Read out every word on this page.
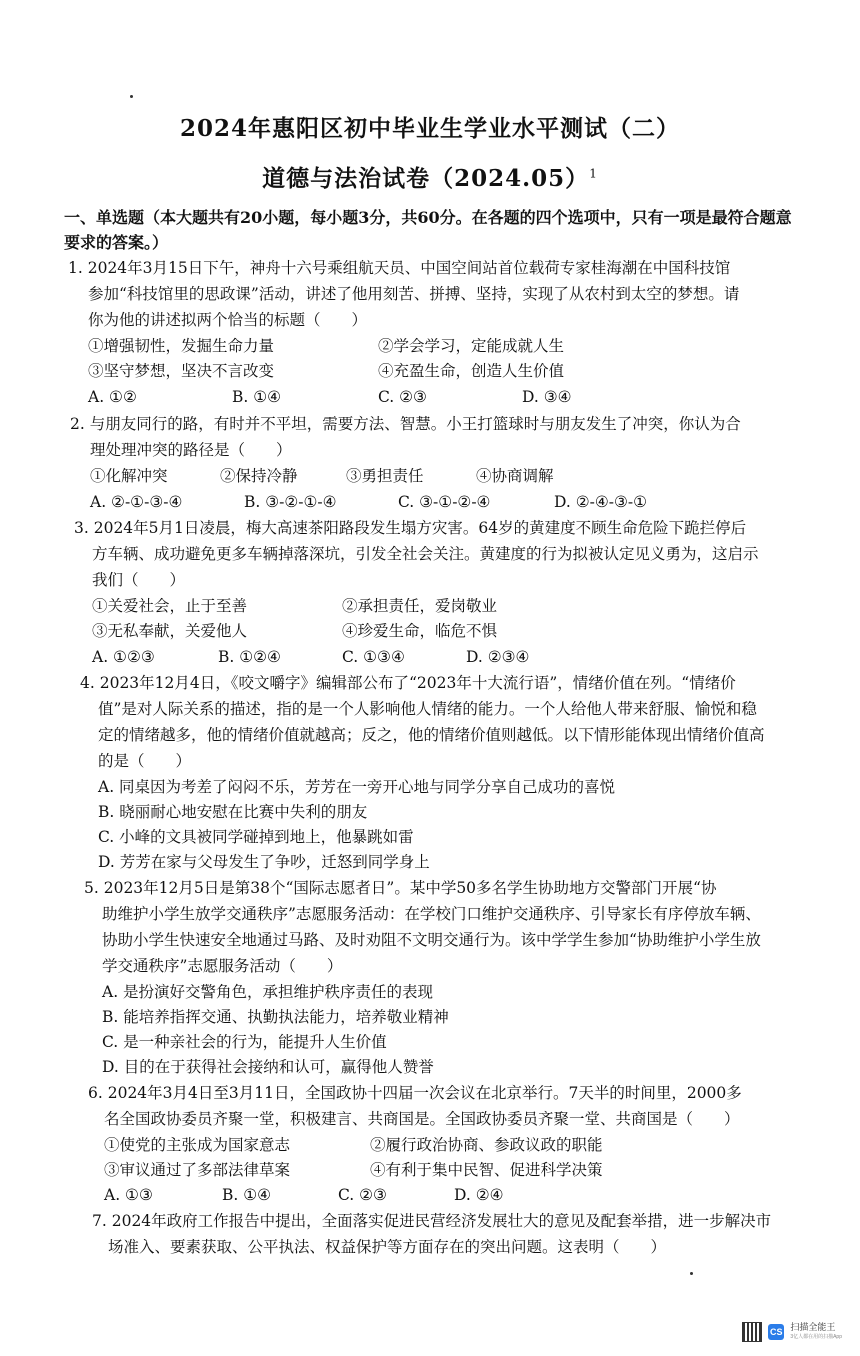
2024年惠阳区初中毕业生学业水平测试（二）
道德与法治试卷$(2024.05)^1$
一、单选题（本大题共有20小题，每小题3分，共60分。在各题的四个选项中，只有一项是最符合题意要求的答案。）
1. 2024年3月15日下午，神舟十六号乘组航天员、中国空间站首位载荷专家桂海潮在中国科技馆
参加“科技馆里的思政课”活动，讲述了他用刻苦、拼搏、坚持，实现了从农村到太空的梦想。请
你为他的讲述拟两个恰当的标题（　　）
①增强韧性，发掘生命力量	②学会学习，定能成就人生
③坚守梦想，坚决不言改变	④充盈生命，创造人生价值
A. ①②	B. ①④	C. ②③	D. ③④
2. 与朋友同行的路，有时并不平坦，需要方法、智慧。小王打篮球时与朋友发生了冲突，你认为合
理处理冲突的路径是（　　）
①化解冲突	②保持冷静	③勇担责任	④协商调解
A. ②-①-③-④	B. ③-②-①-④	C. ③-①-②-④	D. ②-④-③-①
3. 2024年5月1日凌晨，梅大高速茶阳路段发生塌方灾害。64岁的黄建度不顾生命危险下跪拦停后
方车辆、成功避免更多车辆掉落深坑，引发全社会关注。黄建度的行为拟被认定见义勇为，这启示
我们（　　）
①关爱社会，止于至善	②承担责任，爱岗敬业
③无私奉献，关爱他人	④珍爱生命，临危不惧
A. ①②③	B. ①②④	C. ①③④	D. ②③④
4. 2023年12月4日，《咬文嚼字》编辑部公布了“2023年十大流行语”，情绪价值在列。“情绪价
值”是对人际关系的描述，指的是一个人影响他人情绪的能力。一个人给他人带来舒服、愉悦和稳
定的情绪越多，他的情绪价值就越高；反之，他的情绪价值则越低。以下情形能体现出情绪价值高
的是（　　）
A. 同桌因为考差了闷闷不乐，芳芳在一旁开心地与同学分享自己成功的喜悦
B. 晓丽耐心地安慰在比赛中失利的朋友
C. 小峰的文具被同学碰掉到地上，他暴跳如雷
D. 芳芳在家与父母发生了争吵，迁怒到同学身上
5. 2023年12月5日是第38个“国际志愿者日”。某中学50多名学生协助地方交警部门开展“协
助维护小学生放学交通秩序”志愿服务活动：在学校门口维护交通秩序、引导家长有序停放车辆、
协助小学生快速安全地通过马路、及时劝阻不文明交通行为。该中学学生参加“协助维护小学生放
学交通秩序”志愿服务活动（　　）
A. 是扮演好交警角色，承担维护秩序责任的表现
B. 能培养指挥交通、执勤执法能力，培养敬业精神
C. 是一种亲社会的行为，能提升人生价值
D. 目的在于获得社会接纳和认可，赢得他人赞誉
6. 2024年3月4日至3月11日，全国政协十四届一次会议在北京举行。7天半的时间里，2000多
名全国政协委员齐聚一堂，积极建言、共商国是。全国政协委员齐聚一堂、共商国是（　　）
①使党的主张成为国家意志	②履行政治协商、参政议政的职能
③审议通过了多部法律草案	④有利于集中民智、促进科学决策
A. ①③	B. ①④	C. ②③	D. ②④
7. 2024年政府工作报告中提出，全面落实促进民营经济发展壮大的意见及配套举措，进一步解决市
场准入、要素获取、公平执法、权益保护等方面存在的突出问题。这表明（　　）
CS 扫描全能王
3亿人都在用的扫描App
